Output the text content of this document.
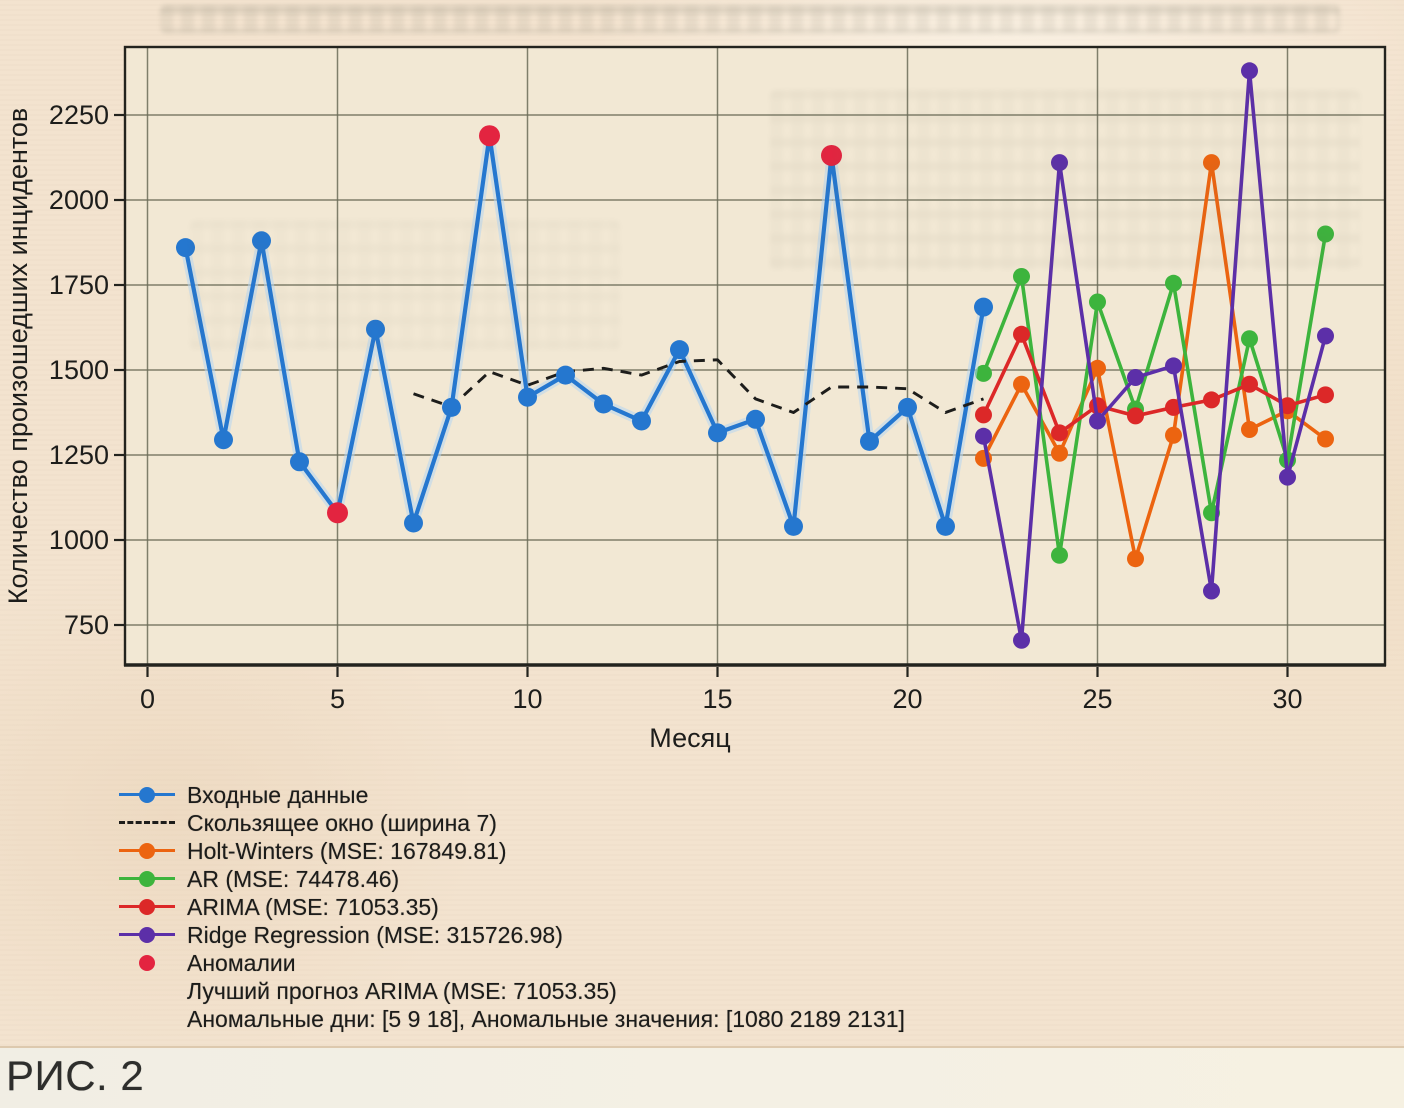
750
1000
1250
1500
1750
2000
2250
0	5	10	15	20	25	30
Количество произошедших инцидентов
Месяц
Входные данные
Скользящее окно (ширина 7)
Holt-Winters (MSE: 167849.81)
AR (MSE: 74478.46)
ARIMA (MSE: 71053.35)
Ridge Regression (MSE: 315726.98)
Аномалии
Лучший прогноз ARIMA (MSE: 71053.35)
Аномальные дни: [5 9 18], Аномальные значения: [1080 2189 2131]
РИС. 2
